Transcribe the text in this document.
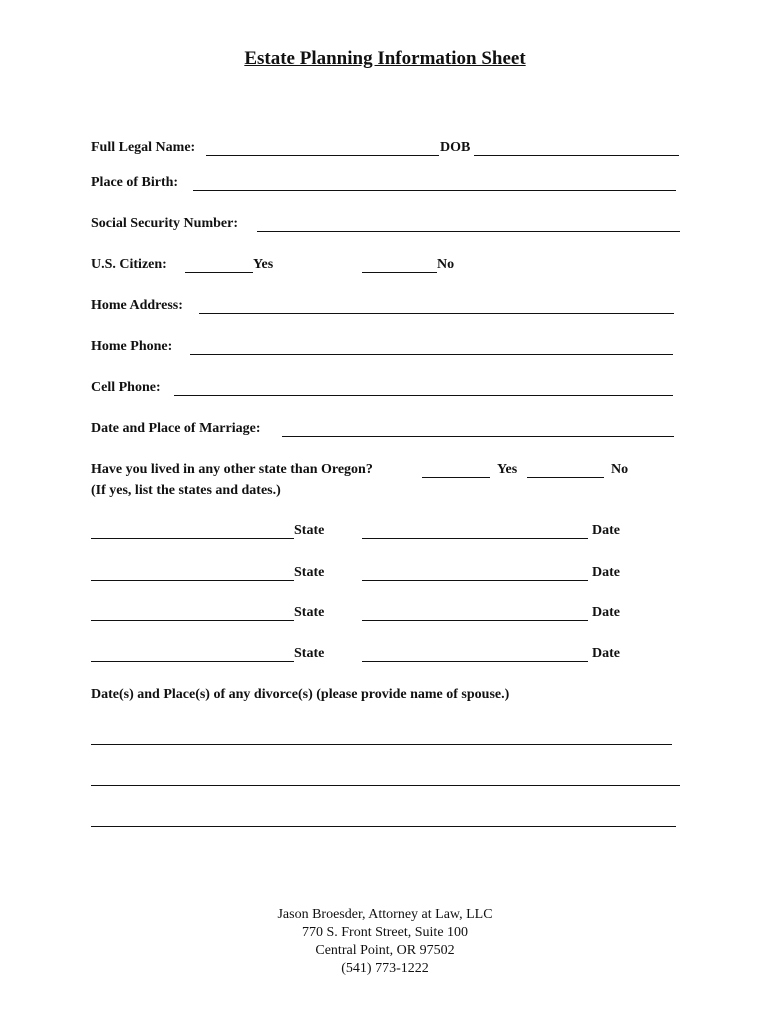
Estate Planning Information Sheet
Full Legal Name:	DOB
Place of Birth:
Social Security Number:
U.S. Citizen:	Yes	No
Home Address:
Home Phone:
Cell Phone:
Date and Place of Marriage:
Have you lived in any other state than Oregon?	Yes	No
(If yes, list the states and dates.)
State	Date
State	Date
State	Date
State	Date
Date(s) and Place(s) of any divorce(s) (please provide name of spouse.)
Jason Broesder, Attorney at Law, LLC
770 S. Front Street, Suite 100
Central Point, OR 97502
(541) 773-1222
